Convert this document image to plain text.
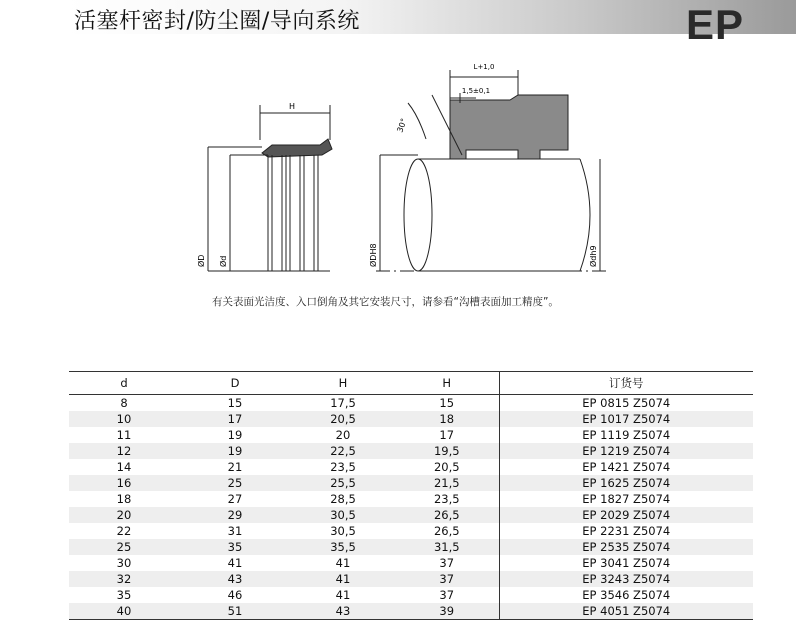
活塞杆密封/防尘圈/导向系统	EP
H
ØD Ød
L+1,0
1,5±0,1
30°
ØDH8	Ødh9
有关表面光洁度、入口倒角及其它安装尺寸，请参看“沟槽表面加工精度”。
d	D	H	H	订货号
8	15	17,5	15	EP 0815 Z5074
10	17	20,5	18	EP 1017 Z5074
11	19	20	17	EP 1119 Z5074
12	19	22,5	19,5	EP 1219 Z5074
14	21	23,5	20,5	EP 1421 Z5074
16	25	25,5	21,5	EP 1625 Z5074
18	27	28,5	23,5	EP 1827 Z5074
20	29	30,5	26,5	EP 2029 Z5074
22	31	30,5	26,5	EP 2231 Z5074
25	35	35,5	31,5	EP 2535 Z5074
30	41	41	37	EP 3041 Z5074
32	43	41	37	EP 3243 Z5074
35	46	41	37	EP 3546 Z5074
40	51	43	39	EP 4051 Z5074
